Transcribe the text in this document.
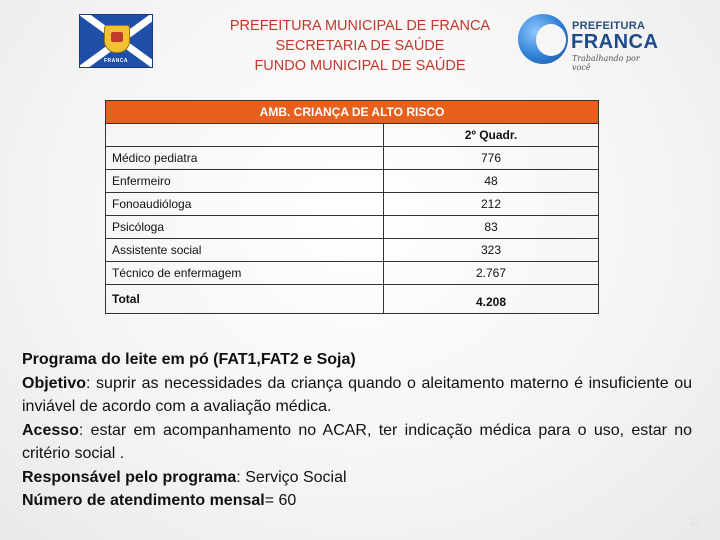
FRANCA
PREFEITURA MUNICIPAL DE FRANCA
SECRETARIA DE SAÚDE
FUNDO MUNICIPAL DE SAÚDE
PREFEITURA
FRANCA
Trabalhando por você
AMB. CRIANÇA DE ALTO RISCO	
	2º Quadr.
Médico pediatra	776
Enfermeiro	48
Fonoaudióloga	212
Psicóloga	83
Assistente social	323
Técnico de enfermagem	2.767
Total	4.208

Programa do leite em pó (FAT1,FAT2 e Soja)

Objetivo: suprir as necessidades da criança quando o aleitamento materno é insuficiente ou inviável de acordo com a avaliação médica.

Acesso: estar em acompanhamento no ACAR, ter indicação médica para o uso, estar no critério social .

Responsável pelo programa: Serviço Social

Número de atendimento mensal= 60

15
